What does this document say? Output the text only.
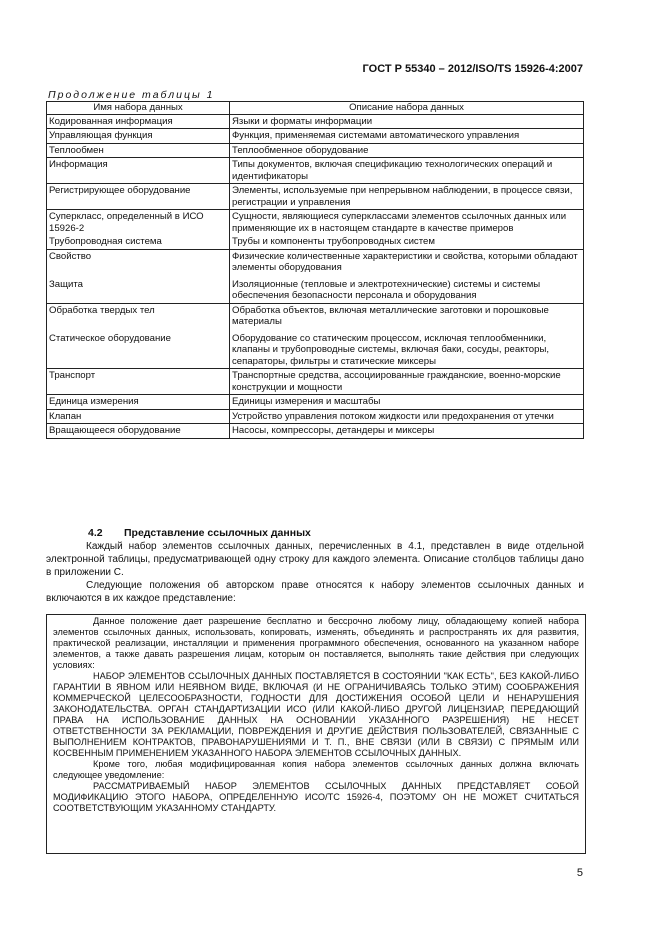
ГОСТ Р 55340 – 2012/ISO/TS 15926-4:2007
Продолжение таблицы 1
Имя набора данных	Описание набора данных
Кодированная информация	Языки и форматы информации
Управляющая функция	Функция, применяемая системами автоматического управления
Теплообмен	Теплообменное оборудование
Информация	Типы документов, включая спецификацию технологических операций и идентификаторы
Регистрирующее оборудование	Элементы, используемые при непрерывном наблюдении, в процессе связи, регистрации и управления
Суперкласс, определенный в ИСО 15926-2	Сущности, являющиеся суперклассами элементов ссылочных данных или применяющие их в настоящем стандарте в качестве примеров
Трубопроводная система	Трубы и компоненты трубопроводных систем
Свойство	Физические количественные характеристики и свойства, которыми обладают элементы оборудования
Защита	Изоляционные (тепловые и электротехнические) системы и системы обеспечения безопасности персонала и оборудования
Обработка твердых тел	Обработка объектов, включая металлические заготовки и порошковые материалы
Статическое оборудование	Оборудование со статическим процессом, исключая теплообменники, клапаны и трубопроводные системы, включая баки, сосуды, реакторы, сепараторы, фильтры и статические миксеры
Транспорт	Транспортные средства, ассоциированные гражданские, военно-морские конструкции и мощности
Единица измерения	Единицы измерения и масштабы
Клапан	Устройство управления потоком жидкости или предохранения от утечки
Вращающееся оборудование	Насосы, компрессоры, детандеры и миксеры
4.2 Представление ссылочных данных
Каждый набор элементов ссылочных данных, перечисленных в 4.1, представлен в виде отдельной электронной таблицы, предусматривающей одну строку для каждого элемента. Описание столбцов таблицы дано в приложении С.
Следующие положения об авторском праве относятся к набору элементов ссылочных данных и включаются в их каждое представление:

Данное положение дает разрешение бесплатно и бессрочно любому лицу, обладающему копией набора элементов ссылочных данных, использовать, копировать, изменять, объединять и распространять их для развития, практической реализации, инсталляции и применения программного обеспечения, основанного на указанном наборе элементов, а также давать разрешения лицам, которым он поставляется, выполнять такие действия при следующих условиях:

НАБОР ЭЛЕМЕНТОВ ССЫЛОЧНЫХ ДАННЫХ ПОСТАВЛЯЕТСЯ В СОСТОЯНИИ "КАК ЕСТЬ", БЕЗ КАКОЙ-ЛИБО ГАРАНТИИ В ЯВНОМ ИЛИ НЕЯВНОМ ВИДЕ, ВКЛЮЧАЯ (И НЕ ОГРАНИЧИВАЯСЬ ТОЛЬКО ЭТИМ) СООБРАЖЕНИЯ КОММЕРЧЕСКОЙ ЦЕЛЕСООБРАЗНОСТИ, ГОДНОСТИ ДЛЯ ДОСТИЖЕНИЯ ОСОБОЙ ЦЕЛИ И НЕНАРУШЕНИЯ ЗАКОНОДАТЕЛЬСТВА. ОРГАН СТАНДАРТИЗАЦИИ ИСО (ИЛИ КАКОЙ-ЛИБО ДРУГОЙ ЛИЦЕНЗИАР, ПЕРЕДАЮЩИЙ ПРАВА НА ИСПОЛЬЗОВАНИЕ ДАННЫХ НА ОСНОВАНИИ УКАЗАННОГО РАЗРЕШЕНИЯ) НЕ НЕСЕТ ОТВЕТСТВЕННОСТИ ЗА РЕКЛАМАЦИИ, ПОВРЕЖДЕНИЯ И ДРУГИЕ ДЕЙСТВИЯ ПОЛЬЗОВАТЕЛЕЙ, СВЯЗАННЫЕ С ВЫПОЛНЕНИЕМ КОНТРАКТОВ, ПРАВОНАРУШЕНИЯМИ И Т. П., ВНЕ СВЯЗИ (ИЛИ В СВЯЗИ) С ПРЯМЫМ ИЛИ КОСВЕННЫМ ПРИМЕНЕНИЕМ УКАЗАННОГО НАБОРА ЭЛЕМЕНТОВ ССЫЛОЧНЫХ ДАННЫХ.

Кроме того, любая модифицированная копия набора элементов ссылочных данных должна включать следующее уведомление:

РАССМАТРИВАЕМЫЙ НАБОР ЭЛЕМЕНТОВ ССЫЛОЧНЫХ ДАННЫХ ПРЕДСТАВЛЯЕТ СОБОЙ МОДИФИКАЦИЮ ЭТОГО НАБОРА, ОПРЕДЕЛЕННУЮ ИСО/ТС 15926-4, ПОЭТОМУ ОН НЕ МОЖЕТ СЧИТАТЬСЯ СООТВЕТСТВУЮЩИМ УКАЗАННОМУ СТАНДАРТУ.

5
